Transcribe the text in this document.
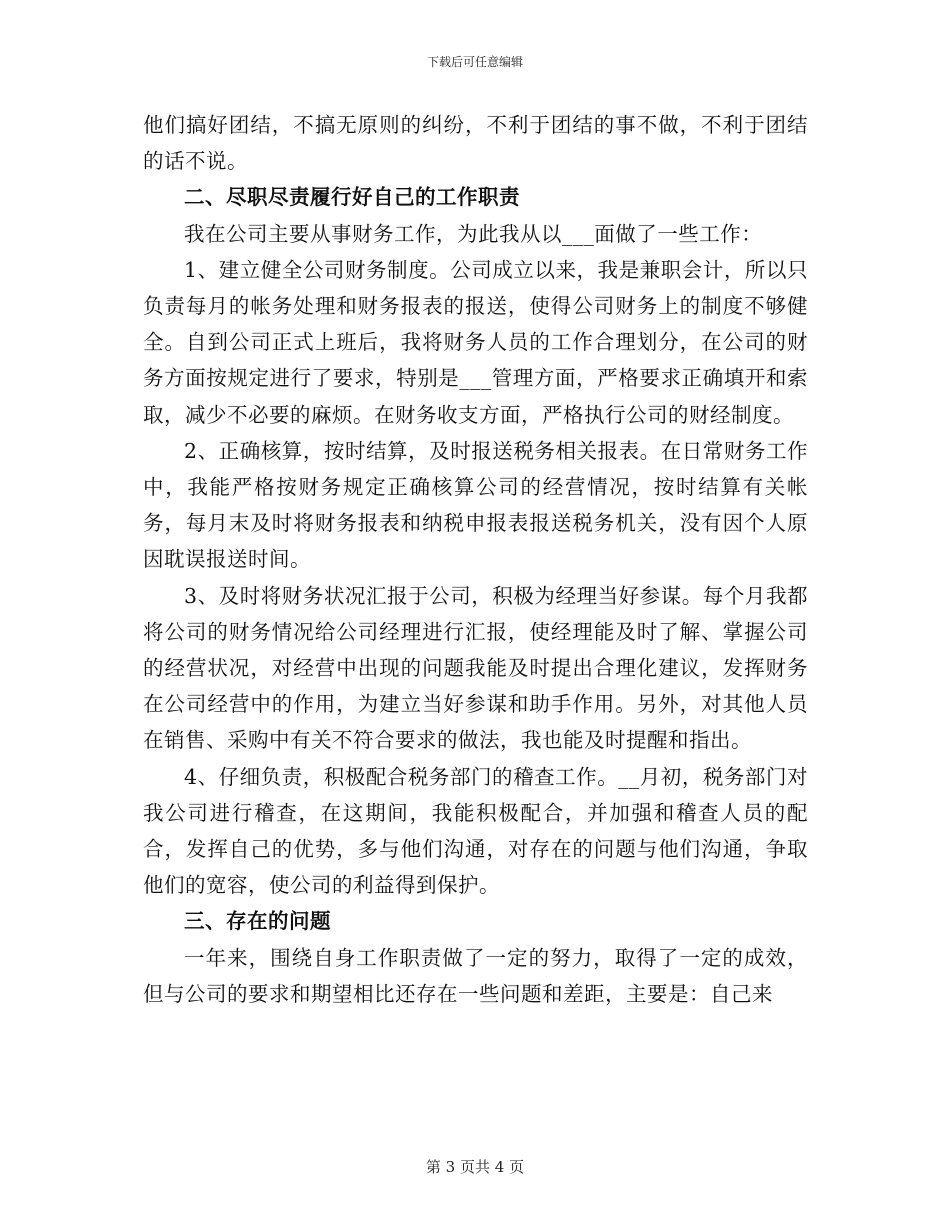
下载后可任意编辑

他们搞好团结，不搞无原则的纠纷，不利于团结的事不做，不利于团结的话不说。

二、尽职尽责履行好自己的工作职责

我在公司主要从事财务工作，为此我从以___面做了一些工作：

1、建立健全公司财务制度。公司成立以来，我是兼职会计，所以只负责每月的帐务处理和财务报表的报送，使得公司财务上的制度不够健全。自到公司正式上班后，我将财务人员的工作合理划分，在公司的财务方面按规定进行了要求，特别是___管理方面，严格要求正确填开和索取，减少不必要的麻烦。在财务收支方面，严格执行公司的财经制度。

2、正确核算，按时结算，及时报送税务相关报表。在日常财务工作中，我能严格按财务规定正确核算公司的经营情况，按时结算有关帐务，每月末及时将财务报表和纳税申报表报送税务机关，没有因个人原因耽误报送时间。

3、及时将财务状况汇报于公司，积极为经理当好参谋。每个月我都将公司的财务情况给公司经理进行汇报，使经理能及时了解、掌握公司的经营状况，对经营中出现的问题我能及时提出合理化建议，发挥财务在公司经营中的作用，为建立当好参谋和助手作用。另外，对其他人员在销售、采购中有关不符合要求的做法，我也能及时提醒和指出。

4、仔细负责，积极配合税务部门的稽查工作。__月初，税务部门对我公司进行稽查，在这期间，我能积极配合，并加强和稽查人员的配合，发挥自己的优势，多与他们沟通，对存在的问题与他们沟通，争取他们的宽容，使公司的利益得到保护。

三、存在的问题

一年来，围绕自身工作职责做了一定的努力，取得了一定的成效，但与公司的要求和期望相比还存在一些问题和差距，主要是：自己来

第 3 页共 4 页
